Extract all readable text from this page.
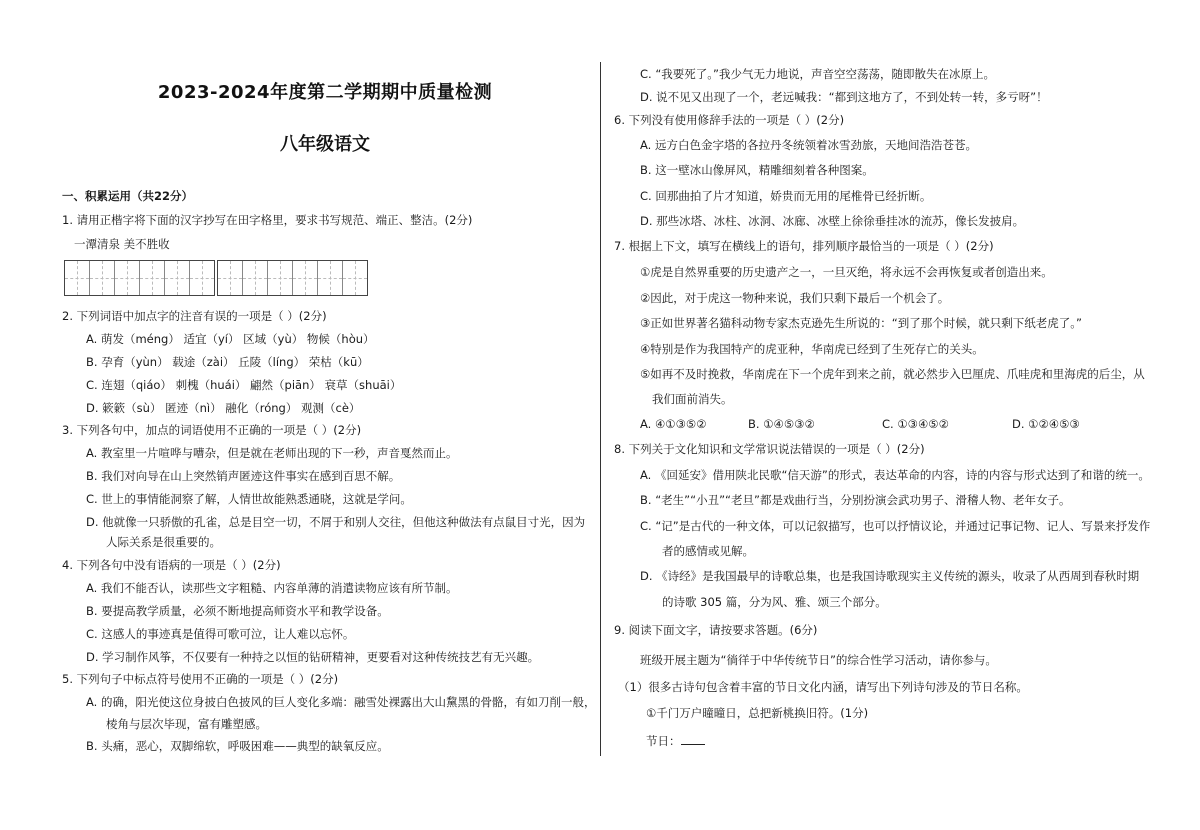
2023-2024年度第二学期期中质量检测
八年级语文
一、积累运用（共22分）
1. 请用正楷字将下面的汉字抄写在田字格里，要求书写规范、端正、整洁。(2分)
一潭清泉 美不胜收
2. 下列词语中加点字的注音有误的一项是（ ）(2分)
A. 萌发（méng） 适宜（yí） 区域（yù） 物候（hòu）
B. 孕育（yùn） 载途（zài） 丘陵（líng） 荣枯（kū）
C. 连翅（qiáo） 刺槐（huái） 翩然（piān） 衰草（shuāi）
D. 簌簌（sù） 匿迹（nì） 融化（róng） 观测（cè）
3. 下列各句中，加点的词语使用不正确的一项是（ ）(2分)
A. 教室里一片喧哗与嘈杂，但是就在老师出现的下一秒，声音戛然而止。
B. 我们对向导在山上突然销声匿迹这件事实在感到百思不解。
C. 世上的事情能洞察了解，人情世故能熟悉通晓，这就是学问。
D. 他就像一只骄傲的孔雀，总是目空一切，不屑于和别人交往，但他这种做法有点鼠目寸光，因为
人际关系是很重要的。
4. 下列各句中没有语病的一项是（ ）(2分)
A. 我们不能否认，读那些文字粗糙、内容单薄的消遣读物应该有所节制。
B. 要提高教学质量，必须不断地提高师资水平和教学设备。
C. 这感人的事迹真是值得可歌可泣，让人难以忘怀。
D. 学习制作风筝，不仅要有一种持之以恒的钻研精神，更要看对这种传统技艺有无兴趣。
5. 下列句子中标点符号使用不正确的一项是（ ）(2分)
A. 的确，阳光使这位身披白色披风的巨人变化多端：融雪处裸露出大山黧黑的骨骼，有如刀削一般，
棱角与层次毕现，富有雕塑感。
B. 头痛，恶心，双脚绵软，呼吸困难——典型的缺氧反应。
C. “我要死了。”我少气无力地说，声音空空荡荡，随即散失在冰原上。
D. 说不见又出现了一个，老远喊我：“都到这地方了，不到处转一转，多亏呀”！
6. 下列没有使用修辞手法的一项是（ ）(2分)
A. 远方白色金字塔的各拉丹冬统领着冰雪劲旅，天地间浩浩苍苍。
B. 这一壁冰山像屏风，精雕细刻着各种图案。
C. 回那曲拍了片才知道，娇贵而无用的尾椎骨已经折断。
D. 那些冰塔、冰柱、冰洞、冰廊、冰壁上徐徐垂挂冰的流苏，像长发披肩。
7. 根据上下文，填写在横线上的语句，排列顺序最恰当的一项是（ ）(2分)
①虎是自然界重要的历史遗产之一，一旦灭绝，将永远不会再恢复或者创造出来。
②因此，对于虎这一物种来说，我们只剩下最后一个机会了。
③正如世界著名猫科动物专家杰克逊先生所说的：“到了那个时候，就只剩下纸老虎了。”
④特别是作为我国特产的虎亚种，华南虎已经到了生死存亡的关头。
⑤如再不及时挽救，华南虎在下一个虎年到来之前，就必然步入巴厘虎、爪哇虎和里海虎的后尘，从
我们面前消失。
A. ④①③⑤②	B. ①④⑤③②	C. ①③④⑤②	D. ①②④⑤③
8. 下列关于文化知识和文学常识说法错误的一项是（ ）(2分)
A. 《回延安》借用陕北民歌“信天游”的形式，表达革命的内容，诗的内容与形式达到了和谐的统一。
B. “老生”“小丑”“老旦”都是戏曲行当，分别扮演会武功男子、滑稽人物、老年女子。
C. “记”是古代的一种文体，可以记叙描写，也可以抒情议论，并通过记事记物、记人、写景来抒发作
者的感情或见解。
D. 《诗经》是我国最早的诗歌总集，也是我国诗歌现实主义传统的源头，收录了从西周到春秋时期
的诗歌 305 篇，分为风、雅、颂三个部分。
9. 阅读下面文字，请按要求答题。(6分)
班级开展主题为“徜徉于中华传统节日”的综合性学习活动，请你参与。
（1）很多古诗句包含着丰富的节日文化内涵，请写出下列诗句涉及的节日名称。
①千门万户曈曈日，总把新桃换旧符。(1分)
节日：
